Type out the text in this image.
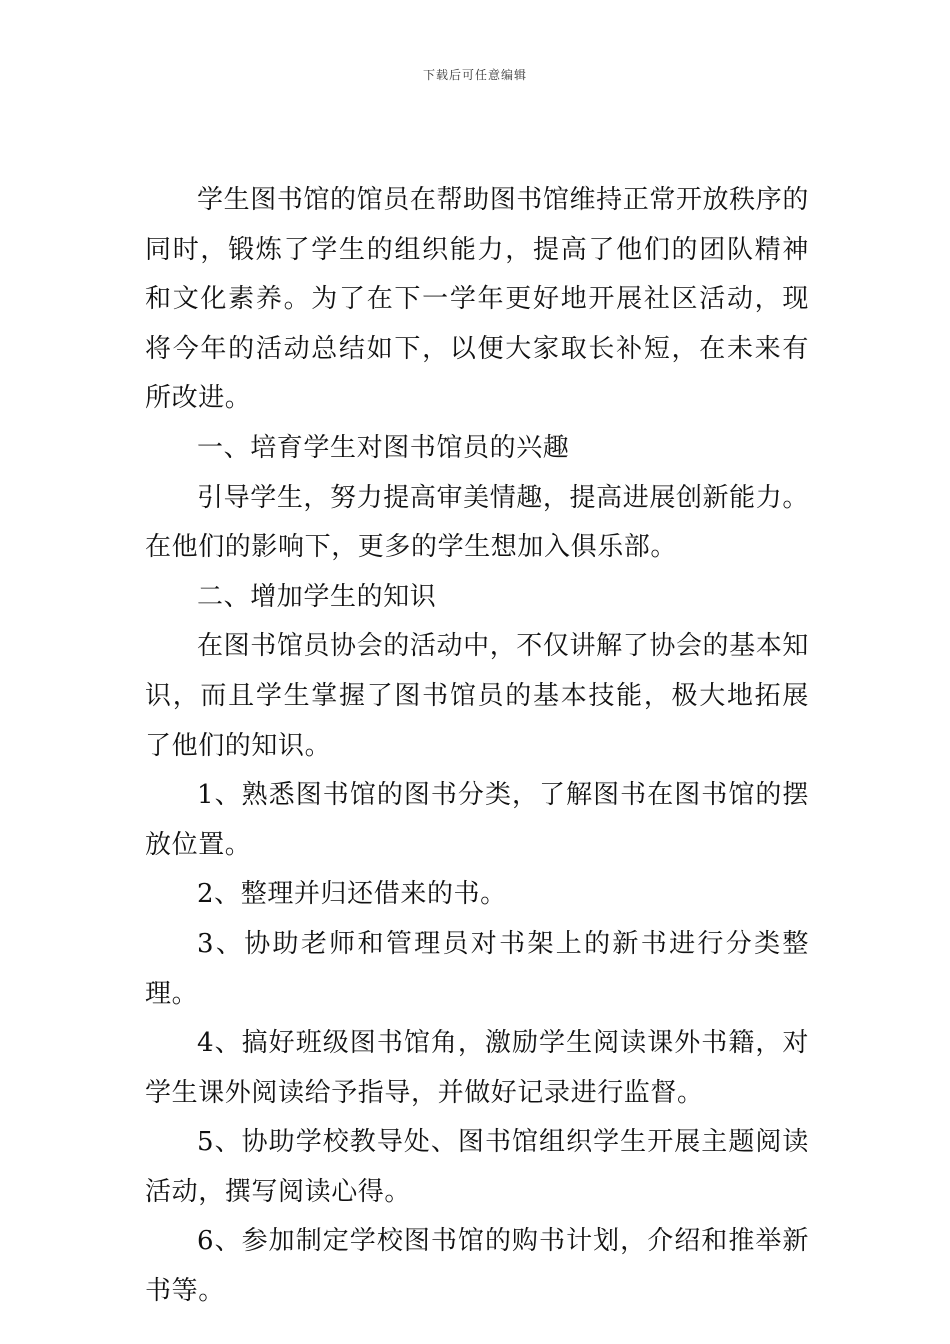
下载后可任意编辑

学生图书馆的馆员在帮助图书馆维持正常开放秩序的同时，锻炼了学生的组织能力，提高了他们的团队精神和文化素养。为了在下一学年更好地开展社区活动，现将今年的活动总结如下，以便大家取长补短，在未来有所改进。

一、培育学生对图书馆员的兴趣

引导学生，努力提高审美情趣，提高进展创新能力。在他们的影响下，更多的学生想加入俱乐部。

二、增加学生的知识

在图书馆员协会的活动中，不仅讲解了协会的基本知识，而且学生掌握了图书馆员的基本技能，极大地拓展了他们的知识。

1、熟悉图书馆的图书分类，了解图书在图书馆的摆放位置。

2、整理并归还借来的书。

3、协助老师和管理员对书架上的新书进行分类整理。

4、搞好班级图书馆角，激励学生阅读课外书籍，对学生课外阅读给予指导，并做好记录进行监督。

5、协助学校教导处、图书馆组织学生开展主题阅读活动，撰写阅读心得。

6、参加制定学校图书馆的购书计划，介绍和推举新书等。
